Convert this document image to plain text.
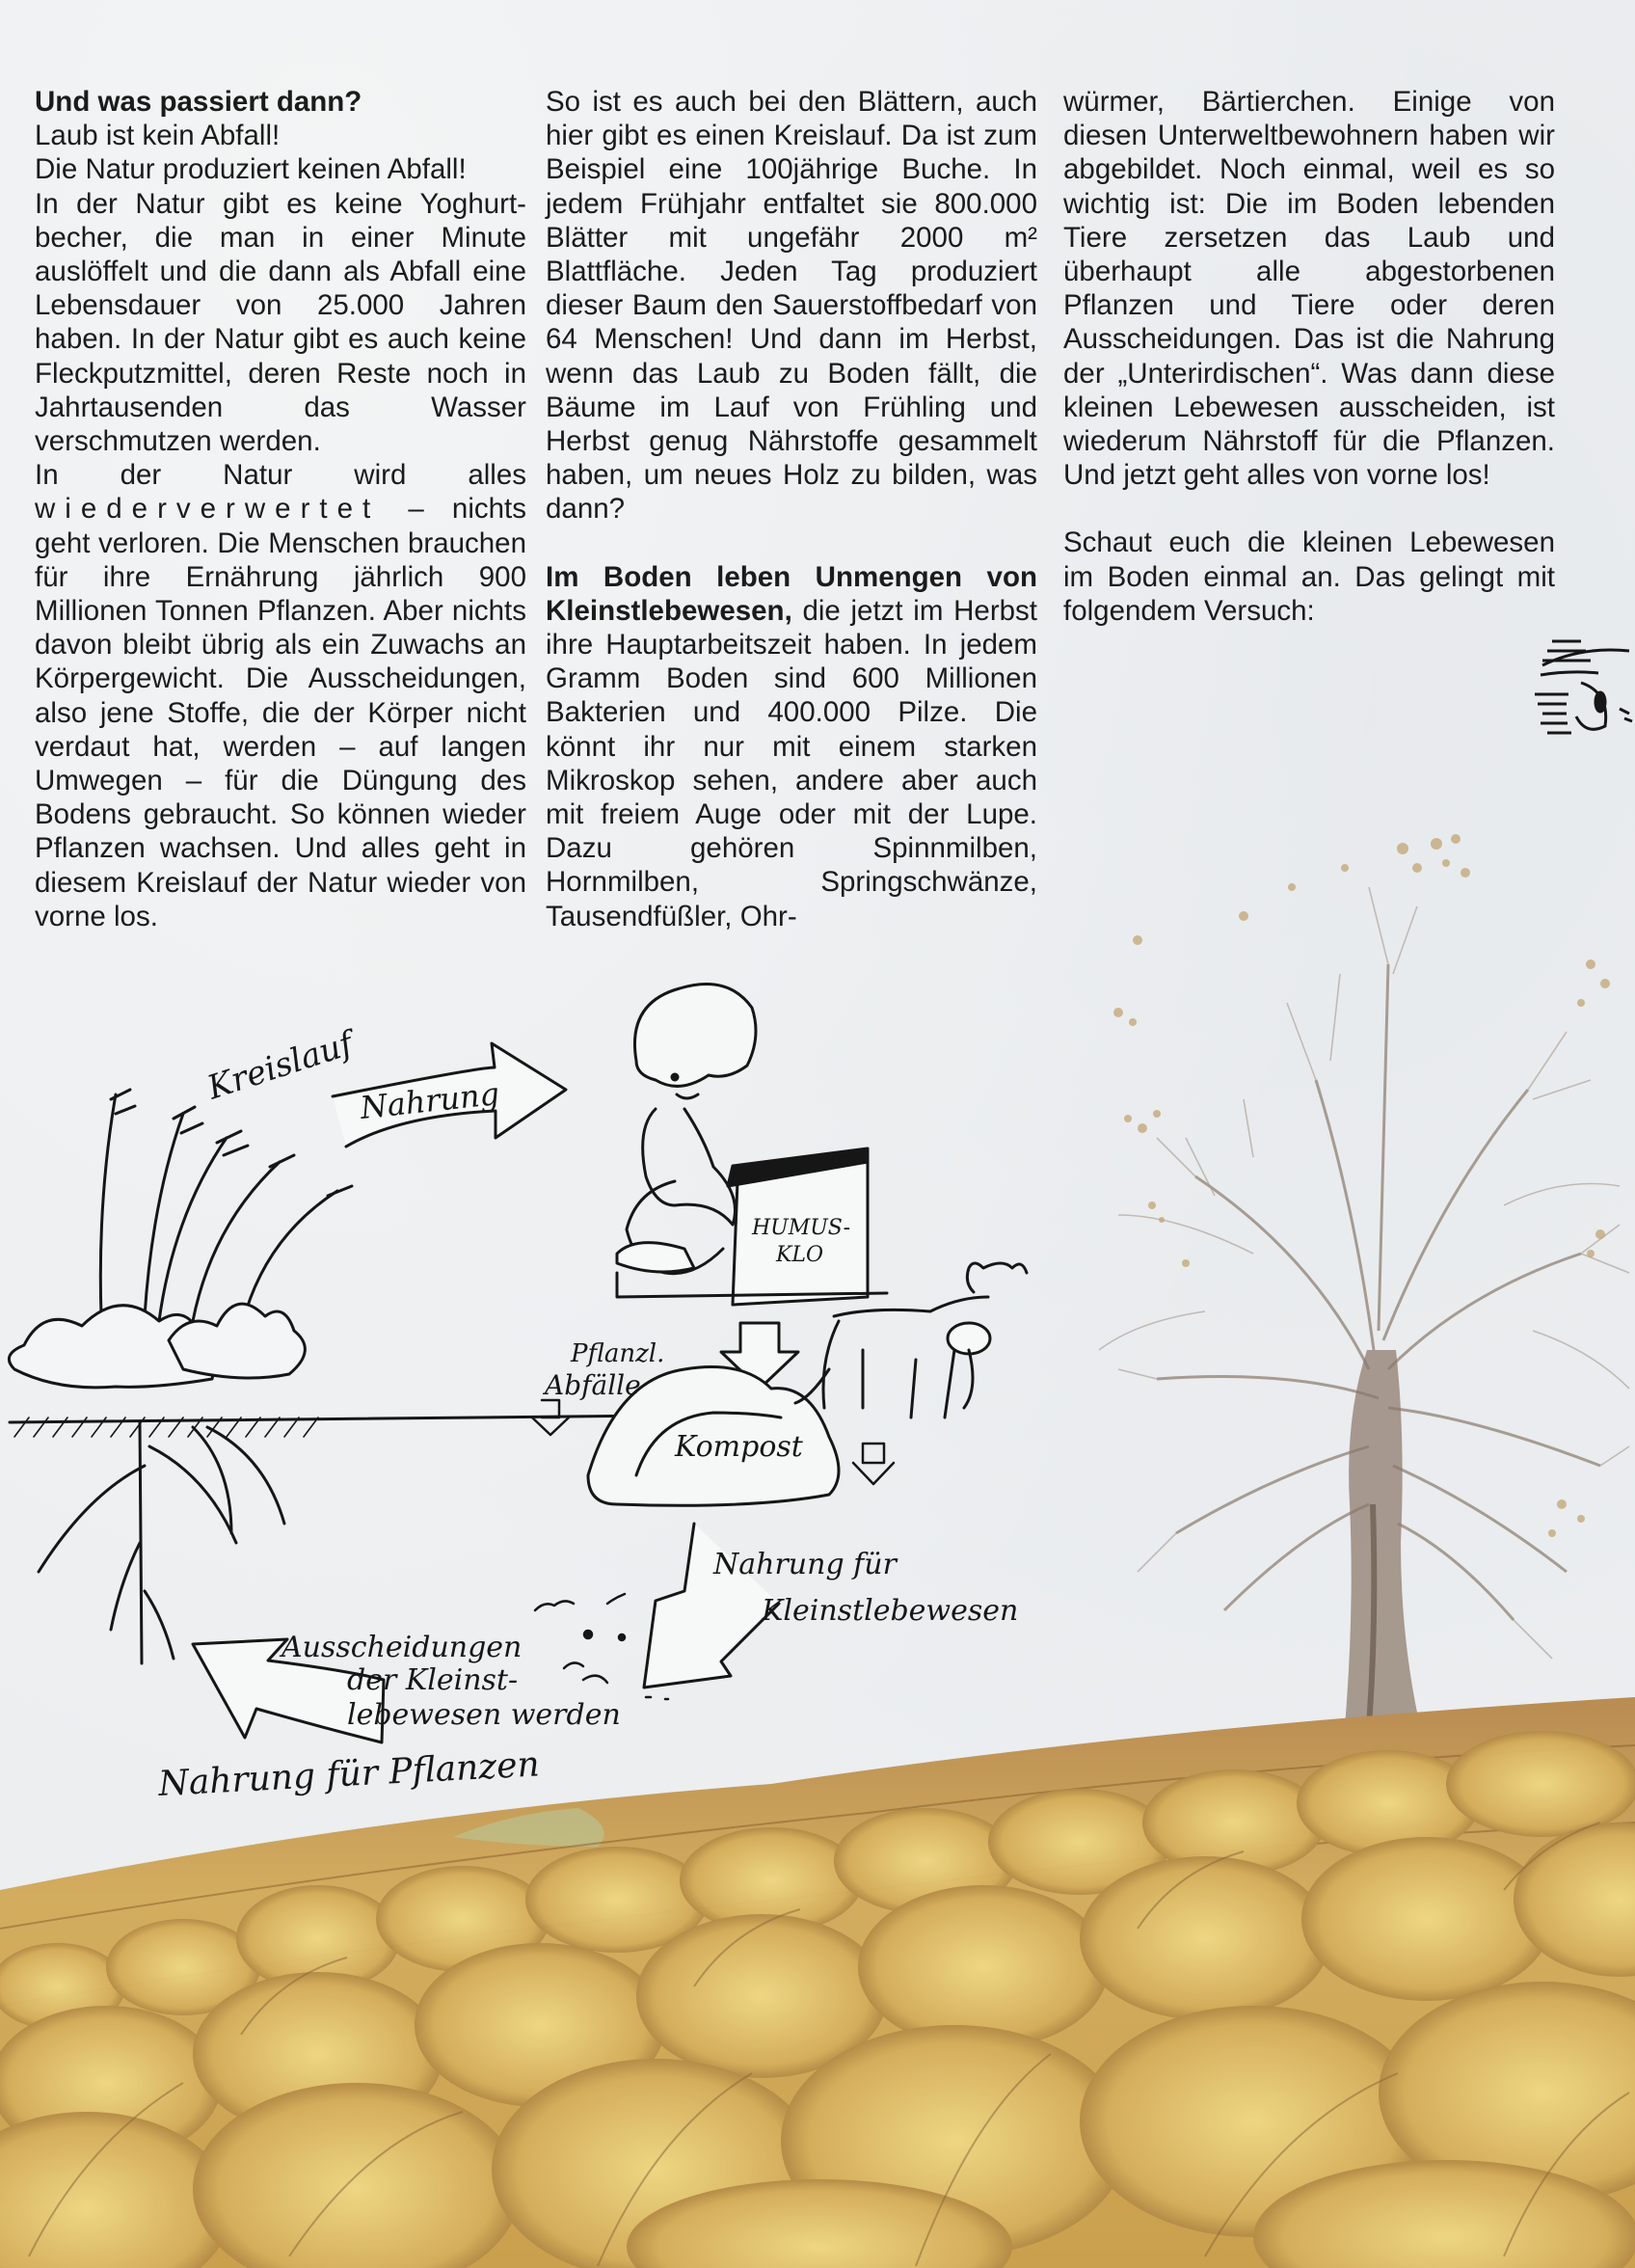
Und was passiert dann?

Laub ist kein Abfall!

Die Natur produziert keinen Abfall!

In der Natur gibt es keine Yoghurt-becher, die man in einer Minute auslöffelt und die dann als Abfall eine Lebensdauer von 25.000 Jahren haben. In der Natur gibt es auch keine Fleckputzmittel, deren Reste noch in Jahrtausenden das Wasser verschmutzen werden.

In der Natur wird alles wiederverwertet – nichts geht verloren. Die Menschen brauchen für ihre Ernährung jährlich 900 Millionen Tonnen Pflanzen. Aber nichts davon bleibt übrig als ein Zuwachs an Körpergewicht. Die Ausscheidungen, also jene Stoffe, die der Körper nicht verdaut hat, werden – auf langen Umwegen – für die Düngung des Bodens gebraucht. So können wieder Pflanzen wachsen. Und alles geht in diesem Kreislauf der Natur wieder von vorne los.

So ist es auch bei den Blättern, auch hier gibt es einen Kreislauf. Da ist zum Beispiel eine 100jährige Buche. In jedem Frühjahr entfaltet sie 800.000 Blätter mit ungefähr 2000 m² Blattfläche. Jeden Tag produziert dieser Baum den Sauerstoffbedarf von 64 Menschen! Und dann im Herbst, wenn das Laub zu Boden fällt, die Bäume im Lauf von Frühling und Herbst genug Nährstoffe gesammelt haben, um neues Holz zu bilden, was dann?

Im Boden leben Unmengen von Kleinstlebewesen, die jetzt im Herbst ihre Hauptarbeitszeit haben. In jedem Gramm Boden sind 600 Millionen Bakterien und 400.000 Pilze. Die könnt ihr nur mit einem starken Mikroskop sehen, andere aber auch mit freiem Auge oder mit der Lupe. Dazu gehören Spinnmilben, Hornmilben, Springschwänze, Tausendfüßler, Ohr-

würmer, Bärtierchen. Einige von diesen Unterweltbewohnern haben wir abgebildet. Noch einmal, weil es so wichtig ist: Die im Boden lebenden Tiere zersetzen das Laub und überhaupt alle abgestorbenen Pflanzen und Tiere oder deren Ausscheidungen. Das ist die Nahrung der „Unterirdischen“. Was dann diese kleinen Lebewesen ausscheiden, ist wiederum Nährstoff für die Pflanzen. Und jetzt geht alles von vorne los!

Schaut euch die kleinen Lebewesen im Boden einmal an. Das gelingt mit folgendem Versuch:

Kreislauf Nahrung
HUMUS-
KLO
Pflanzl.
Abfälle
Kompost
Nahrung für
Kleinstlebewesen
Ausscheidungen
der Kleinst-
lebewesen werden
Nahrung für Pflanzen
